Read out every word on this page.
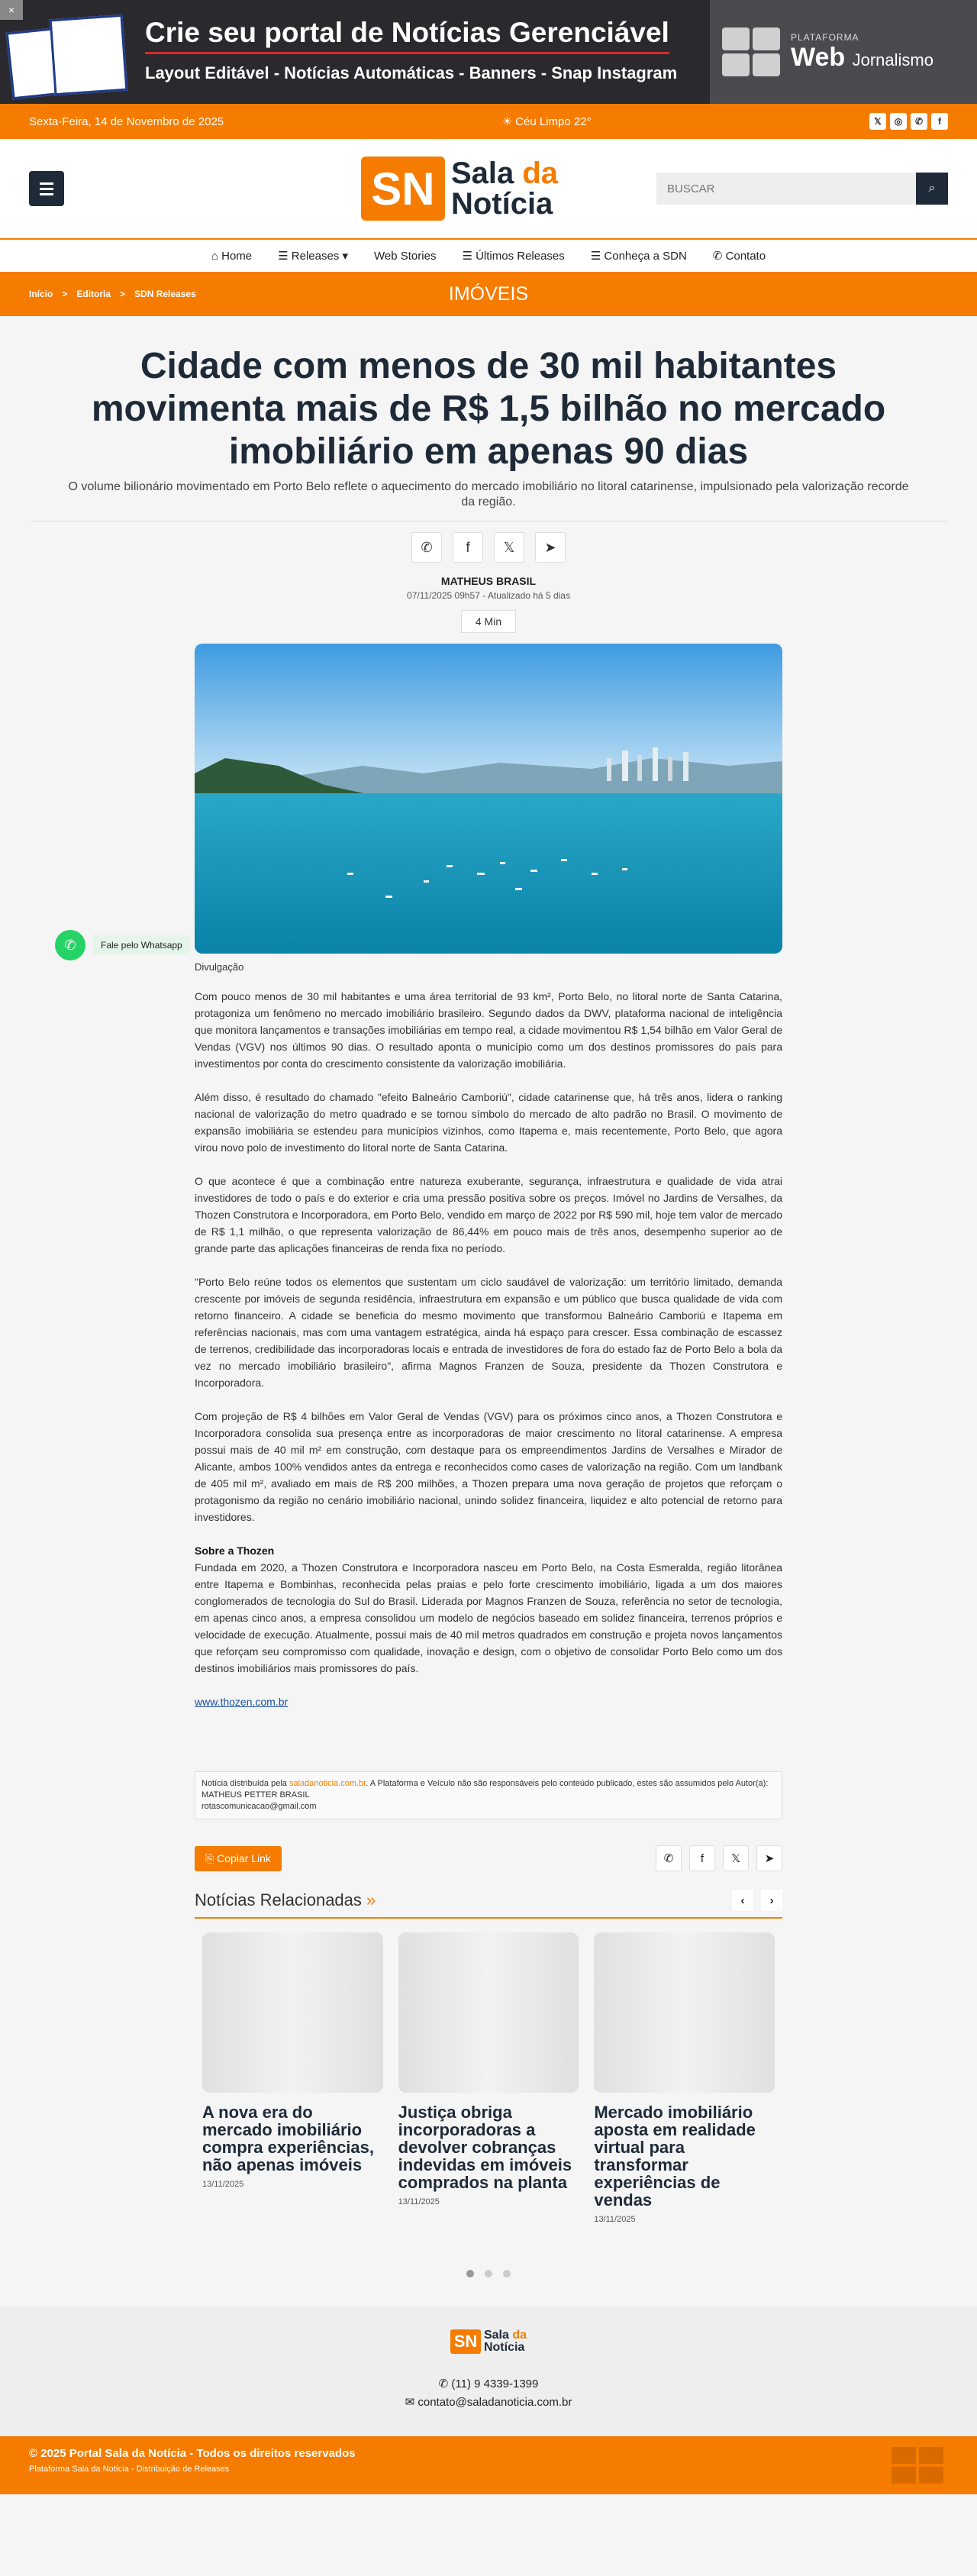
×
Crie seu portal de Notícias Gerenciável
Layout Editável - Notícias Automáticas - Banners - Snap Instagram
PLATAFORMA
Web Jornalismo
Sexta-Feira, 14 de Novembro de 2025	☀ Céu Limpo 22°	𝕏	◎	✆	f
SN Sala da
Notícia
BUSCAR	⌕
⌂ Home ☰ Releases ▾ Web Stories ☰ Últimos Releases ☰ Conheça a SDN ✆ Contato
Início > Editoria > SDN Releases	IMÓVEIS
Cidade com menos de 30 mil habitantes movimenta mais de R$ 1,5 bilhão no mercado imobiliário em apenas 90 dias
O volume bilionário movimentado em Porto Belo reflete o aquecimento do mercado imobiliário no litoral catarinense, impulsionado pela valorização recorde da região.
✆	f	𝕏	➤
MATHEUS BRASIL
07/11/2025 09h57 - Atualizado há 5 dias
4 Min
✆	Fale pelo Whatsapp
Divulgação

Com pouco menos de 30 mil habitantes e uma área territorial de 93 km², Porto Belo, no litoral norte de Santa Catarina, protagoniza um fenômeno no mercado imobiliário brasileiro. Segundo dados da DWV, plataforma nacional de inteligência que monitora lançamentos e transações imobiliárias em tempo real, a cidade movimentou R$ 1,54 bilhão em Valor Geral de Vendas (VGV) nos últimos 90 dias. O resultado aponta o município como um dos destinos promissores do país para investimentos por conta do crescimento consistente da valorização imobiliária.

Além disso, é resultado do chamado "efeito Balneário Camboriú", cidade catarinense que, há três anos, lidera o ranking nacional de valorização do metro quadrado e se tornou símbolo do mercado de alto padrão no Brasil. O movimento de expansão imobiliária se estendeu para municípios vizinhos, como Itapema e, mais recentemente, Porto Belo, que agora virou novo polo de investimento do litoral norte de Santa Catarina.

O que acontece é que a combinação entre natureza exuberante, segurança, infraestrutura e qualidade de vida atrai investidores de todo o país e do exterior e cria uma pressão positiva sobre os preços. Imóvel no Jardins de Versalhes, da Thozen Construtora e Incorporadora, em Porto Belo, vendido em março de 2022 por R$ 590 mil, hoje tem valor de mercado de R$ 1,1 milhão, o que representa valorização de 86,44% em pouco mais de três anos, desempenho superior ao de grande parte das aplicações financeiras de renda fixa no período.

"Porto Belo reúne todos os elementos que sustentam um ciclo saudável de valorização: um território limitado, demanda crescente por imóveis de segunda residência, infraestrutura em expansão e um público que busca qualidade de vida com retorno financeiro. A cidade se beneficia do mesmo movimento que transformou Balneário Camboriú e Itapema em referências nacionais, mas com uma vantagem estratégica, ainda há espaço para crescer. Essa combinação de escassez de terrenos, credibilidade das incorporadoras locais e entrada de investidores de fora do estado faz de Porto Belo a bola da vez no mercado imobiliário brasileiro", afirma Magnos Franzen de Souza, presidente da Thozen Construtora e Incorporadora.

Com projeção de R$ 4 bilhões em Valor Geral de Vendas (VGV) para os próximos cinco anos, a Thozen Construtora e Incorporadora consolida sua presença entre as incorporadoras de maior crescimento no litoral catarinense. A empresa possui mais de 40 mil m² em construção, com destaque para os empreendimentos Jardins de Versalhes e Mirador de Alicante, ambos 100% vendidos antes da entrega e reconhecidos como cases de valorização na região. Com um landbank de 405 mil m², avaliado em mais de R$ 200 milhões, a Thozen prepara uma nova geração de projetos que reforçam o protagonismo da região no cenário imobiliário nacional, unindo solidez financeira, liquidez e alto potencial de retorno para investidores.

Sobre a Thozen

Fundada em 2020, a Thozen Construtora e Incorporadora nasceu em Porto Belo, na Costa Esmeralda, região litorânea entre Itapema e Bombinhas, reconhecida pelas praias e pelo forte crescimento imobiliário, ligada a um dos maiores conglomerados de tecnologia do Sul do Brasil. Liderada por Magnos Franzen de Souza, referência no setor de tecnologia, em apenas cinco anos, a empresa consolidou um modelo de negócios baseado em solidez financeira, terrenos próprios e velocidade de execução. Atualmente, possui mais de 40 mil metros quadrados em construção e projeta novos lançamentos que reforçam seu compromisso com qualidade, inovação e design, com o objetivo de consolidar Porto Belo como um dos destinos imobiliários mais promissores do país.

www.thozen.com.br
Notícia distribuída pela saladanoticia.com.br. A Plataforma e Veículo não são responsáveis pelo conteúdo publicado, estes são assumidos pelo Autor(a):
MATHEUS PETTER BRASIL
rotascomunicacao@gmail.com
⎘ Copiar Link	✆	f	𝕏	➤
Notícias Relacionadas »	‹	›
A nova era do mercado imobiliário compra experiências, não apenas imóveis
13/11/2025
Justiça obriga incorporadoras a devolver cobranças indevidas em imóveis comprados na planta
13/11/2025
Mercado imobiliário aposta em realidade virtual para transformar experiências de vendas
13/11/2025
SN Sala da
Notícia
✆ (11) 9 4339-1399
✉ contato@saladanoticia.com.br
© 2025 Portal Sala da Notícia - Todos os direitos reservados
Plataforma Sala da Notícia - Distribuição de Releases
